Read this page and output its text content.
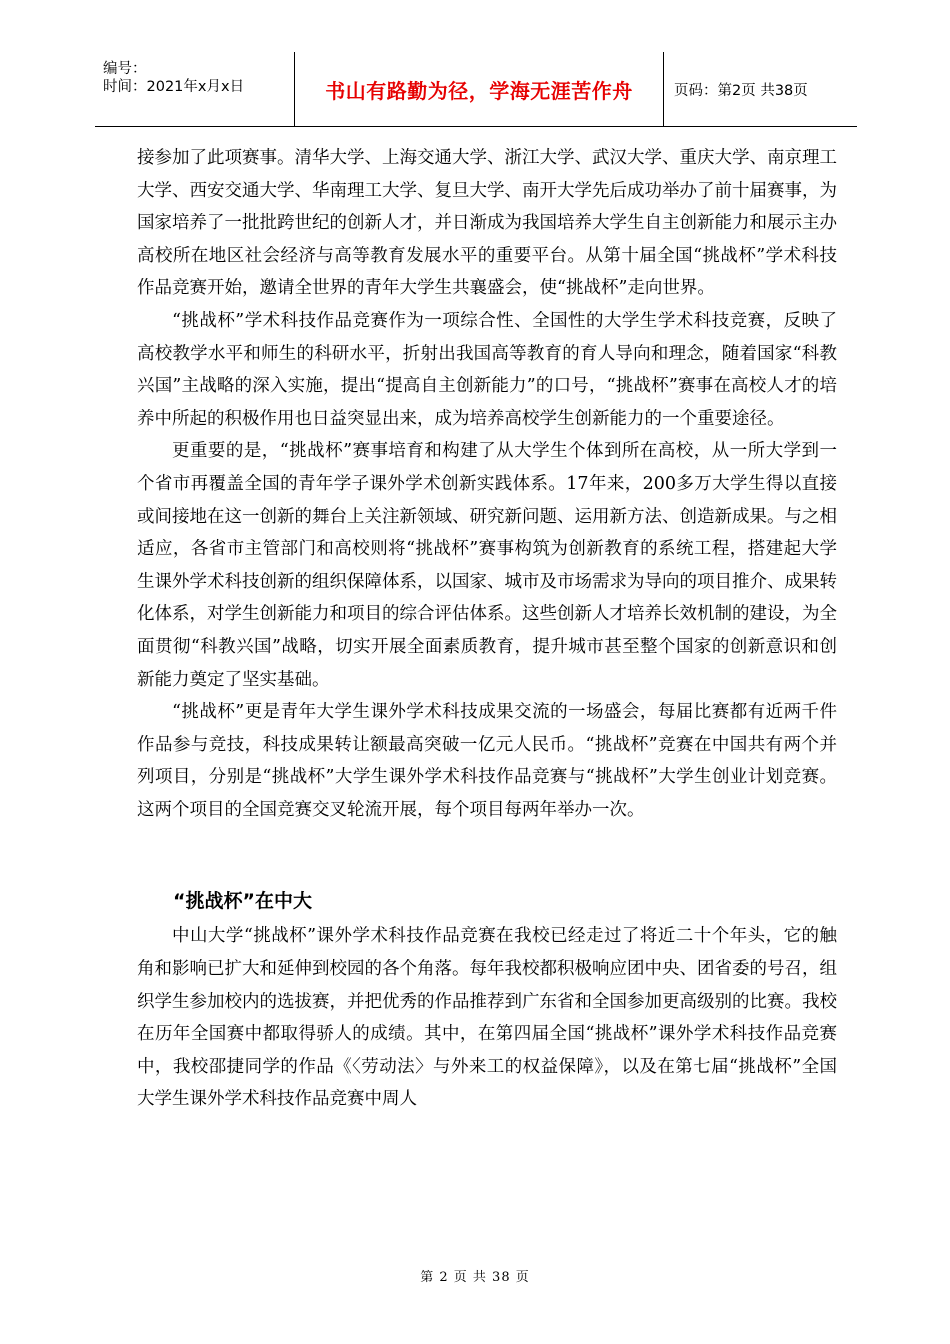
编号：
时间：2021年x月x日	书山有路勤为径，学海无涯苦作舟	页码：第2页 共38页

接参加了此项赛事。清华大学、上海交通大学、浙江大学、武汉大学、重庆大学、南京理工大学、西安交通大学、华南理工大学、复旦大学、南开大学先后成功举办了前十届赛事，为国家培养了一批批跨世纪的创新人才，并日渐成为我国培养大学生自主创新能力和展示主办高校所在地区社会经济与高等教育发展水平的重要平台。从第十届全国“挑战杯”学术科技作品竞赛开始，邀请全世界的青年大学生共襄盛会，使“挑战杯”走向世界。

“挑战杯”学术科技作品竞赛作为一项综合性、全国性的大学生学术科技竞赛，反映了高校教学水平和师生的科研水平，折射出我国高等教育的育人导向和理念，随着国家“科教兴国”主战略的深入实施，提出“提高自主创新能力”的口号，“挑战杯”赛事在高校人才的培养中所起的积极作用也日益突显出来，成为培养高校学生创新能力的一个重要途径。

更重要的是，“挑战杯”赛事培育和构建了从大学生个体到所在高校，从一所大学到一个省市再覆盖全国的青年学子课外学术创新实践体系。17年来，200多万大学生得以直接或间接地在这一创新的舞台上关注新领域、研究新问题、运用新方法、创造新成果。与之相适应，各省市主管部门和高校则将“挑战杯”赛事构筑为创新教育的系统工程，搭建起大学生课外学术科技创新的组织保障体系，以国家、城市及市场需求为导向的项目推介、成果转化体系，对学生创新能力和项目的综合评估体系。这些创新人才培养长效机制的建设，为全面贯彻“科教兴国”战略，切实开展全面素质教育，提升城市甚至整个国家的创新意识和创新能力奠定了坚实基础。

“挑战杯”更是青年大学生课外学术科技成果交流的一场盛会，每届比赛都有近两千件作品参与竞技，科技成果转让额最高突破一亿元人民币。“挑战杯”竞赛在中国共有两个并列项目，分别是“挑战杯”大学生课外学术科技作品竞赛与“挑战杯”大学生创业计划竞赛。这两个项目的全国竞赛交叉轮流开展，每个项目每两年举办一次。

“挑战杯”在中大

中山大学“挑战杯”课外学术科技作品竞赛在我校已经走过了将近二十个年头，它的触角和影响已扩大和延伸到校园的各个角落。每年我校都积极响应团中央、团省委的号召，组织学生参加校内的选拔赛，并把优秀的作品推荐到广东省和全国参加更高级别的比赛。我校在历年全国赛中都取得骄人的成绩。其中，在第四届全国“挑战杯”课外学术科技作品竞赛中，我校邵捷同学的作品《〈劳动法〉与外来工的权益保障》，以及在第七届“挑战杯”全国大学生课外学术科技作品竞赛中周人

第 2 页 共 38 页
